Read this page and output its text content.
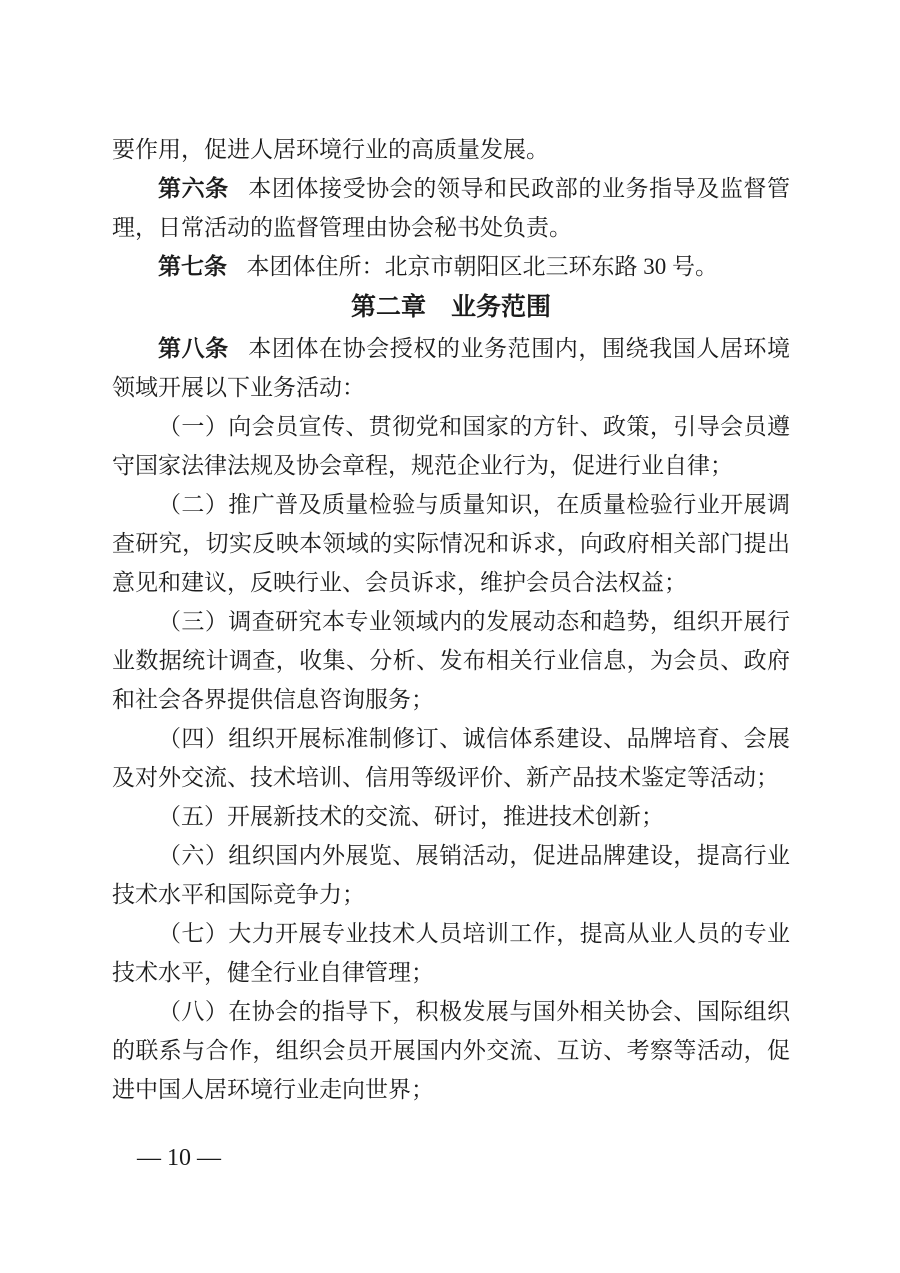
要作用，促进人居环境行业的高质量发展。

第六条 本团体接受协会的领导和民政部的业务指导及监督管理，日常活动的监督管理由协会秘书处负责。

第七条 本团体住所：北京市朝阳区北三环东路 30 号。

第二章　业务范围

第八条 本团体在协会授权的业务范围内，围绕我国人居环境领域开展以下业务活动：

（一）向会员宣传、贯彻党和国家的方针、政策，引导会员遵守国家法律法规及协会章程，规范企业行为，促进行业自律；

（二）推广普及质量检验与质量知识，在质量检验行业开展调查研究，切实反映本领域的实际情况和诉求，向政府相关部门提出意见和建议，反映行业、会员诉求，维护会员合法权益；

（三）调查研究本专业领域内的发展动态和趋势，组织开展行业数据统计调查，收集、分析、发布相关行业信息，为会员、政府和社会各界提供信息咨询服务；

（四）组织开展标准制修订、诚信体系建设、品牌培育、会展及对外交流、技术培训、信用等级评价、新产品技术鉴定等活动；

（五）开展新技术的交流、研讨，推进技术创新；

（六）组织国内外展览、展销活动，促进品牌建设，提高行业技术水平和国际竞争力；

（七）大力开展专业技术人员培训工作，提高从业人员的专业技术水平，健全行业自律管理；

（八）在协会的指导下，积极发展与国外相关协会、国际组织的联系与合作，组织会员开展国内外交流、互访、考察等活动，促进中国人居环境行业走向世界；

— 10 —
